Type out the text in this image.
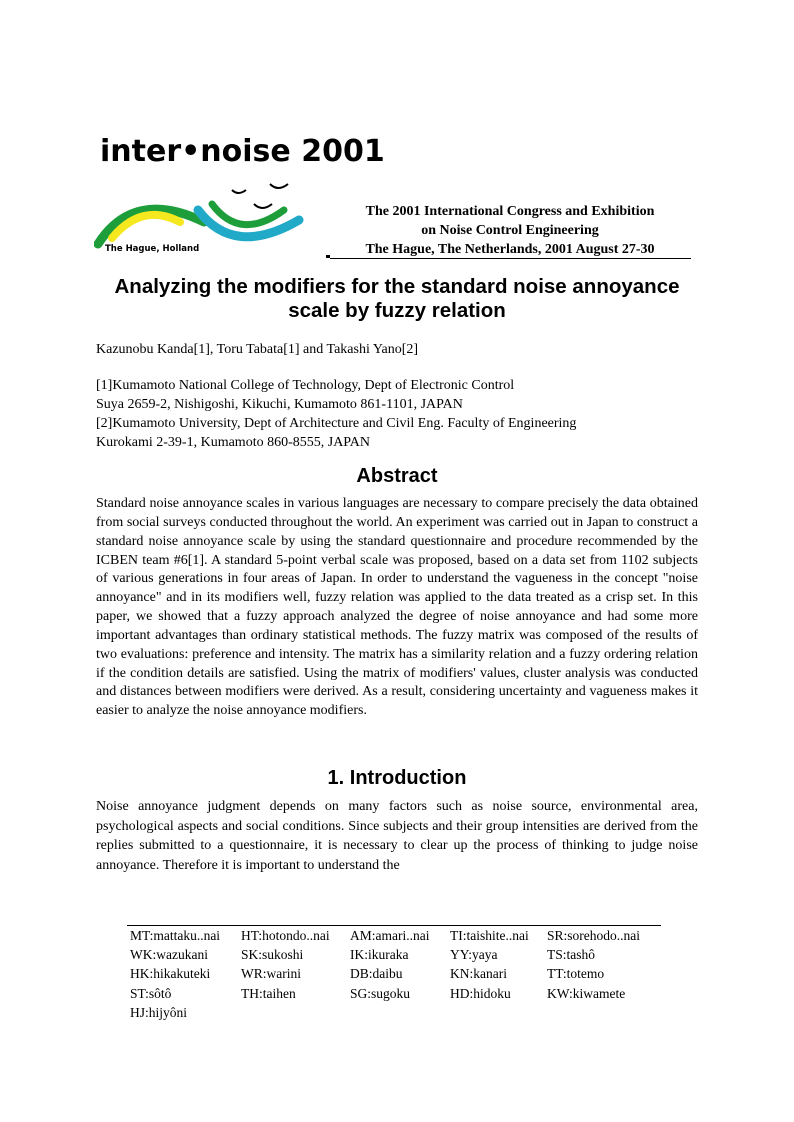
inter•noise 2001
The Hague, Holland
The 2001 International Congress and Exhibition
on Noise Control Engineering
The Hague, The Netherlands, 2001 August 27-30
Analyzing the modifiers for the standard noise annoyance scale by fuzzy relation
Kazunobu Kanda[1], Toru Tabata[1] and Takashi Yano[2]
[1]Kumamoto National College of Technology, Dept of Electronic Control
Suya 2659-2, Nishigoshi, Kikuchi, Kumamoto 861-1101, JAPAN
[2]Kumamoto University, Dept of Architecture and Civil Eng. Faculty of Engineering
Kurokami 2-39-1, Kumamoto 860-8555, JAPAN
Abstract
Standard noise annoyance scales in various languages are necessary to compare precisely the data obtained from social surveys conducted throughout the world. An experiment was carried out in Japan to construct a standard noise annoyance scale by using the standard questionnaire and procedure recommended by the ICBEN team #6[1]. A standard 5-point verbal scale was proposed, based on a data set from 1102 subjects of various generations in four areas of Japan. In order to understand the vagueness in the concept "noise annoyance" and in its modifiers well, fuzzy relation was applied to the data treated as a crisp set. In this paper, we showed that a fuzzy approach analyzed the degree of noise annoyance and had some more important advantages than ordinary statistical methods. The fuzzy matrix was composed of the results of two evaluations: preference and intensity. The matrix has a similarity relation and a fuzzy ordering relation if the condition details are satisfied. Using the matrix of modifiers' values, cluster analysis was conducted and distances between modifiers were derived. As a result, considering uncertainty and vagueness makes it easier to analyze the noise annoyance modifiers.
1. Introduction
Noise annoyance judgment depends on many factors such as noise source, environmental area, psychological aspects and social conditions. Since subjects and their group intensities are derived from the replies submitted to a questionnaire, it is necessary to clear up the process of thinking to judge noise annoyance. Therefore it is important to understand the
MT:mattaku..nai	HT:hotondo..nai	AM:amari..nai	TI:taishite..nai	SR:sorehodo..nai
WK:wazukani	SK:sukoshi	IK:ikuraka	YY:yaya	TS:tashô
HK:hikakuteki	WR:warini	DB:daibu	KN:kanari	TT:totemo
ST:sôtô	TH:taihen	SG:sugoku	HD:hidoku	KW:kiwamete
HJ:hijyôni
